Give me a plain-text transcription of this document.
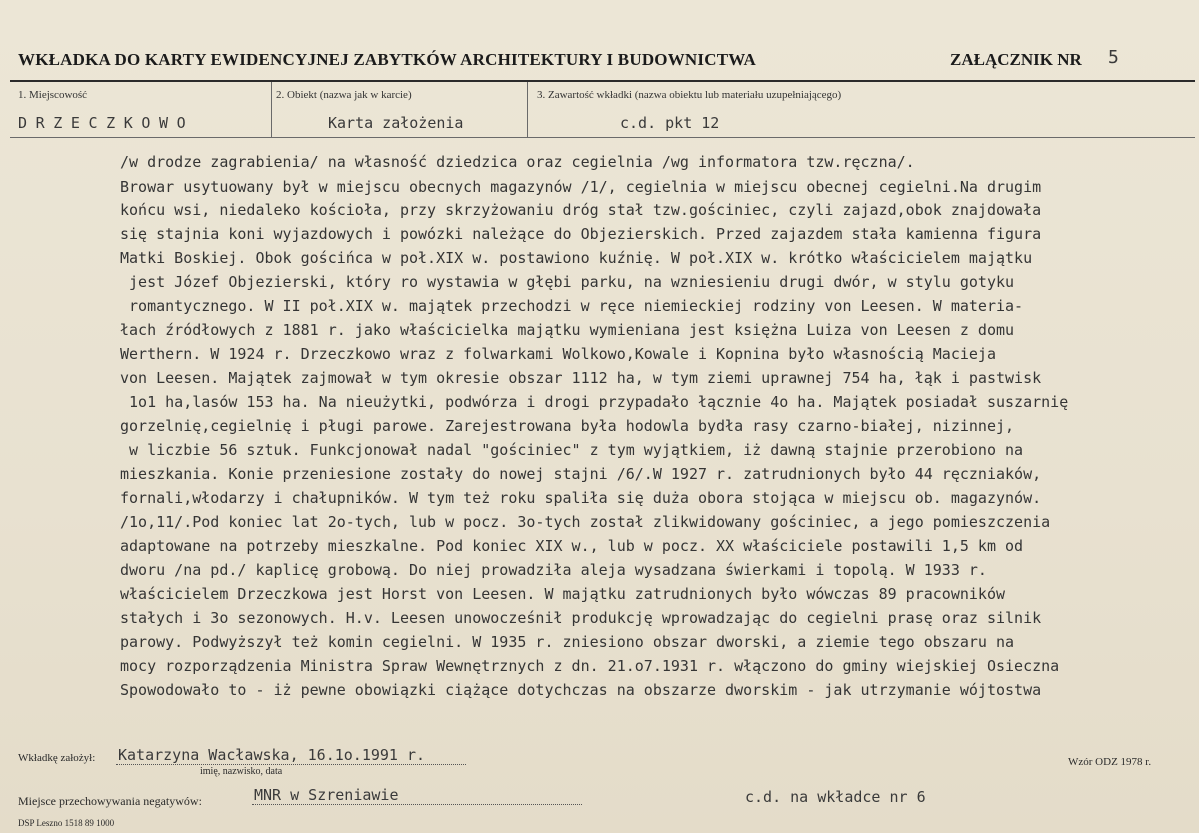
WKŁADKA DO KARTY EWIDENCYJNEJ ZABYTKÓW ARCHITEKTURY I BUDOWNICTWA	ZAŁĄCZNIK NR 5
1. Miejscowość	2. Obiekt (nazwa jak w karcie)	3. Zawartość wkładki (nazwa obiektu lub materiału uzupełniającego)
DRZECZKOWO	Karta założenia	c.d. pkt 12
/w drodze zagrabienia/ na własność dziedzica oraz cegielnia /wg informatora tzw.ręczna/.
Browar usytuowany był w miejscu obecnych magazynów /1/, cegielnia w miejscu obecnej cegielni.Na drugim
końcu wsi, niedaleko kościoła, przy skrzyżowaniu dróg stał tzw.gościniec, czyli zajazd,obok znajdowała
się stajnia koni wyjazdowych i powózki należące do Objezierskich. Przed zajazdem stała kamienna figura
Matki Boskiej. Obok gościńca w poł.XIX w. postawiono kuźnię. W poł.XIX w. krótko właścicielem majątku
jest Józef Objezierski, który ro wystawia w głębi parku, na wzniesieniu drugi dwór, w stylu gotyku
romantycznego. W II poł.XIX w. majątek przechodzi w ręce niemieckiej rodziny von Leesen. W materia-
łach źródłowych z 1881 r. jako właścicielka majątku wymieniana jest księżna Luiza von Leesen z domu
Werthern. W 1924 r. Drzeczkowo wraz z folwarkami Wolkowo,Kowale i Kopnina było własnością Macieja
von Leesen. Majątek zajmował w tym okresie obszar 1112 ha, w tym ziemi uprawnej 754 ha, łąk i pastwisk
1o1 ha,lasów 153 ha. Na nieużytki, podwórza i drogi przypadało łącznie 4o ha. Majątek posiadał suszarnię
gorzelnię,cegielnię i pługi parowe. Zarejestrowana była hodowla bydła rasy czarno-białej, nizinnej,
w liczbie 56 sztuk. Funkcjonował nadal "gościniec" z tym wyjątkiem, iż dawną stajnie przerobiono na
mieszkania. Konie przeniesione zostały do nowej stajni /6/.W 1927 r. zatrudnionych było 44 ręczniaków,
fornali,włodarzy i chałupników. W tym też roku spaliła się duża obora stojąca w miejscu ob. magazynów.
/1o,11/.Pod koniec lat 2o-tych, lub w pocz. 3o-tych został zlikwidowany gościniec, a jego pomieszczenia
adaptowane na potrzeby mieszkalne. Pod koniec XIX w., lub w pocz. XX właściciele postawili 1,5 km od
dworu /na pd./ kaplicę grobową. Do niej prowadziła aleja wysadzana świerkami i topolą. W 1933 r.
właścicielem Drzeczkowa jest Horst von Leesen. W majątku zatrudnionych było wówczas 89 pracowników
stałych i 3o sezonowych. H.v. Leesen unowocześnił produkcję wprowadzając do cegielni prasę oraz silnik
parowy. Podwyższył też komin cegielni. W 1935 r. zniesiono obszar dworski, a ziemie tego obszaru na
mocy rozporządzenia Ministra Spraw Wewnętrznych z dn. 21.o7.1931 r. włączono do gminy wiejskiej Osieczna
Spowodowało to - iż pewne obowiązki ciążące dotychczas na obszarze dworskim - jak utrzymanie wójtostwa
Wkładkę założył: Katarzyna Wacławska, 16.1o.1991 r.
imię, nazwisko, data
Wzór ODZ 1978 r.
Miejsce przechowywania negatywów:	MNR w Szreniawie	c.d. na wkładce nr 6
DSP Leszno 1518 89 1000
